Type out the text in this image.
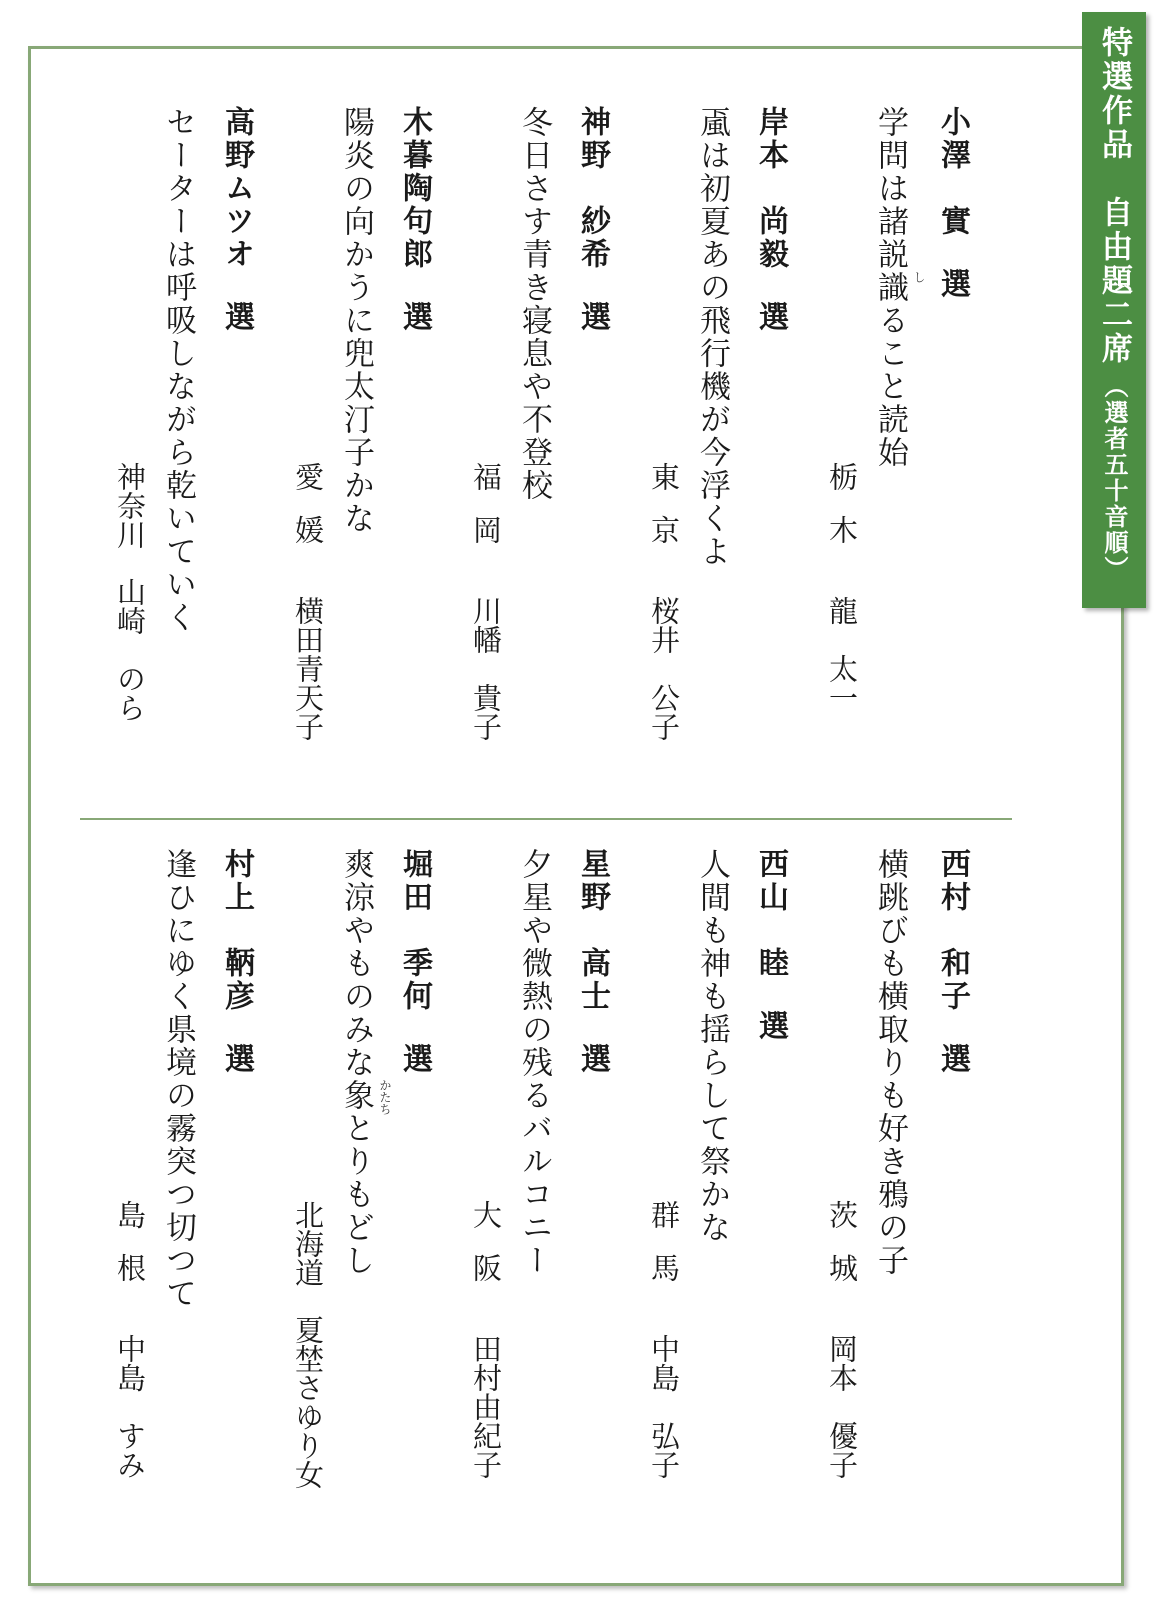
特選作品　自由題二席
（選者五十音順）
小澤　實選
学問は諸説識 し
ること読始
栃木龍　太一
岸本　尚毅選
颪は初夏あの飛行機が今浮くよ
東京桜井　公子
神野　紗希選
冬日さす青き寝息や不登校
福岡川幡　貴子
木暮陶句郎選
陽炎の向かうに兜太汀子かな
愛媛横田青天子
高野ムツオ選
セーターは呼吸しながら乾いていく
神奈川山崎　のら
西村　和子選
横跳びも横取りも好き鴉の子
茨城岡本　優子
西山　睦選
人間も神も揺らして祭かな
群馬中島　弘子
星野　高士選
夕星や微熱の残るバルコニー
大阪田村由紀子
堀田　季何選
爽涼やものみな象 かたち
とりもどし
北海道夏埜さゆり女
村上　鞆彦選
逢ひにゆく県境の霧突つ切つて
島根中島　すみ
